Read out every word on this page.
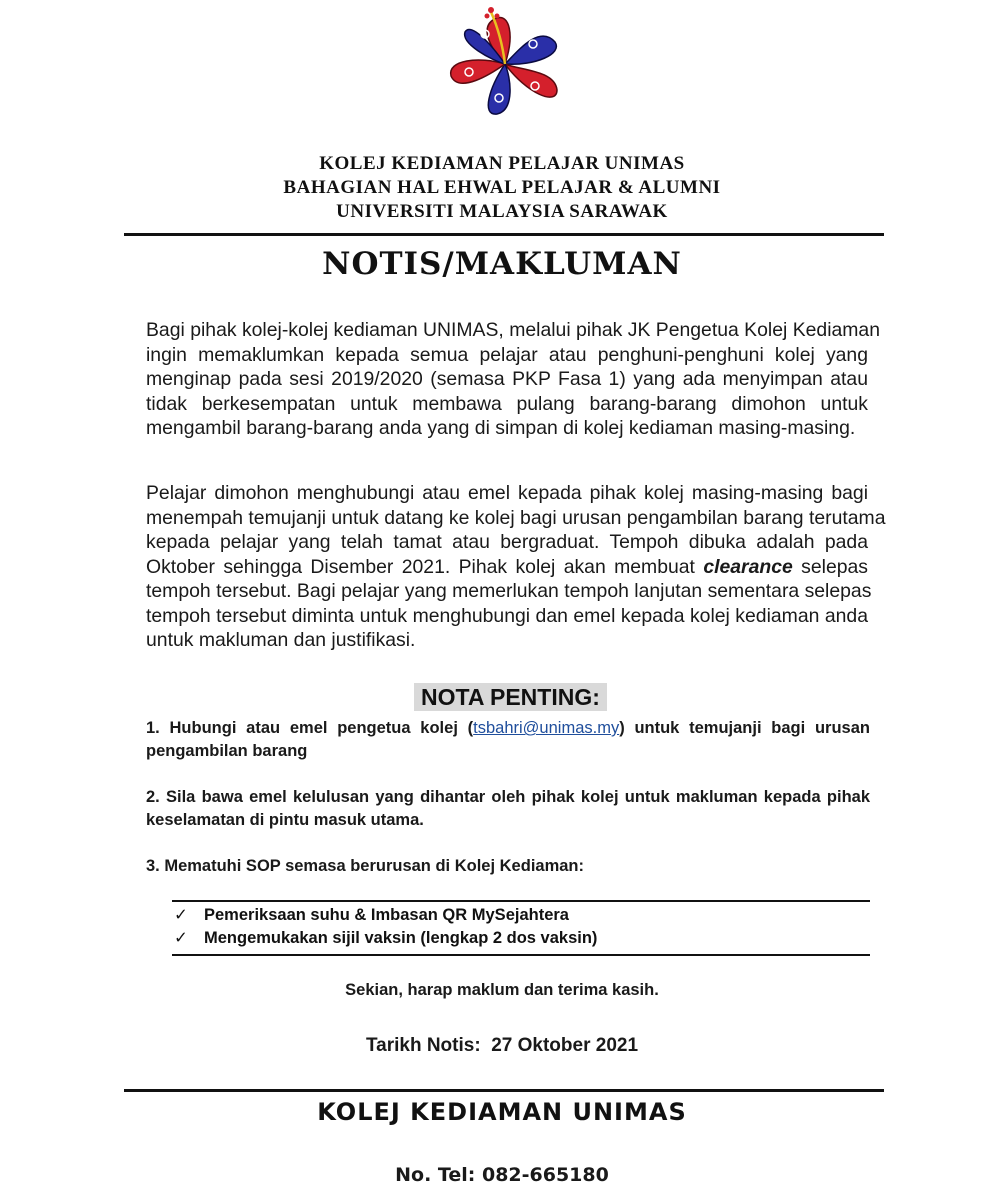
KOLEJ KEDIAMAN PELAJAR UNIMAS
BAHAGIAN HAL EHWAL PELAJAR & ALUMNI
UNIVERSITI MALAYSIA SARAWAK
NOTIS/MAKLUMAN
Bagi pihak kolej-kolej kediaman UNIMAS, melalui pihak JK Pengetua Kolej Kediaman
ingin memaklumkan kepada semua pelajar atau penghuni-penghuni kolej yang
menginap pada sesi 2019/2020 (semasa PKP Fasa 1) yang ada menyimpan atau
tidak berkesempatan untuk membawa pulang barang-barang dimohon untuk
mengambil barang-barang anda yang di simpan di kolej kediaman masing-masing.
Pelajar dimohon menghubungi atau emel kepada pihak kolej masing-masing bagi
menempah temujanji untuk datang ke kolej bagi urusan pengambilan barang terutama
kepada pelajar yang telah tamat atau bergraduat. Tempoh dibuka adalah pada
Oktober sehingga Disember 2021. Pihak kolej akan membuat clearance selepas
tempoh tersebut. Bagi pelajar yang memerlukan tempoh lanjutan sementara selepas
tempoh tersebut diminta untuk menghubungi dan emel kepada kolej kediaman anda
untuk makluman dan justifikasi.
NOTA PENTING:
1. Hubungi atau emel pengetua kolej (tsbahri@unimas.my) untuk temujanji bagi urusan
pengambilan barang
2. Sila bawa emel kelulusan yang dihantar oleh pihak kolej untuk makluman kepada pihak
keselamatan di pintu masuk utama.
3. Mematuhi SOP semasa berurusan di Kolej Kediaman:
✓ Pemeriksaan suhu & Imbasan QR MySejahtera
✓ Mengemukakan sijil vaksin (lengkap 2 dos vaksin)
Sekian, harap maklum dan terima kasih.
Tarikh Notis:  27 Oktober 2021
KOLEJ KEDIAMAN UNIMAS
No. Tel: 082-665180
